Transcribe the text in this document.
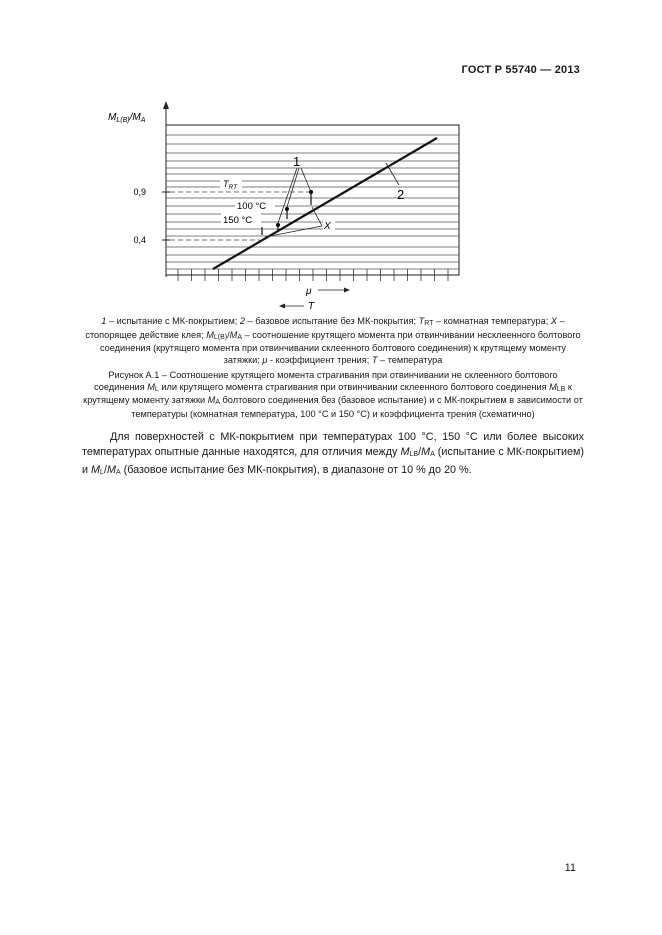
ГОСТ Р 55740 — 2013
$M_{L(B)}/M_A$
0,9
0,4
1
2
$T_{RT}$
100 °C
150 °C
X
μ
T
1 – испытание с МК-покрытием; 2 – базовое испытание без МК-покрытия; TRT – комнатная температура; X – стопорящее действие клея; ML(B)/MA – соотношение крутящего момента при отвинчивании несклеенного болтового соединения (крутящего момента при отвинчивании склеенного болтового соединения) к крутящему моменту затяжки; μ - коэффициент трения; T – температура
Рисунок А.1 – Соотношение крутящего момента страгивания при отвинчивании не склеенного болтового соединения ML или крутящего момента страгивания при отвинчивании склеенного болтового соединения MLB к крутящему моменту затяжки MA болтового соединения без (базовое испытание) и с МК-покрытием в зависимости от температуры (комнатная температура, 100 °С и 150 °С) и коэффициента трения (схематично)
Для поверхностей с МК-покрытием при температурах 100 °С, 150 °С или более высоких температурах опытные данные находятся, для отличия между MLB/MA (испытание с МК-покрытием) и ML/MA (базовое испытание без МК-покрытия), в диапазоне от 10 % до 20 %.
11
